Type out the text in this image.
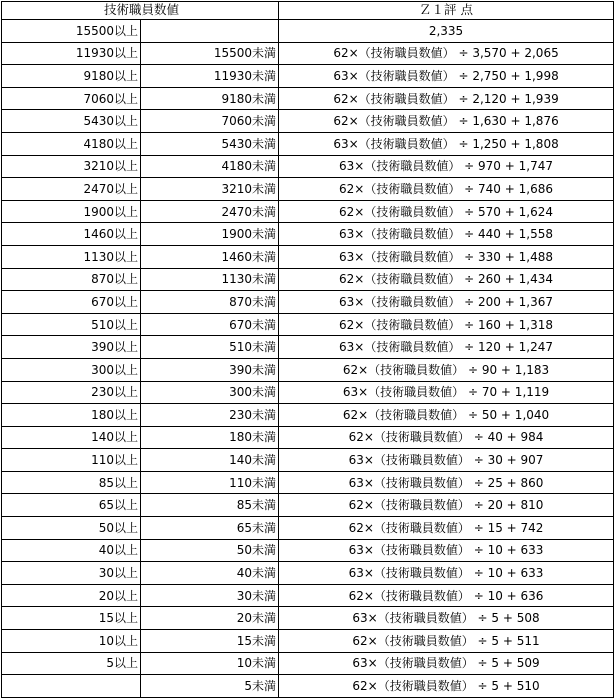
技術職員数値		Ｚ１評 点
15500以上		2,335
11930以上	15500未満	62×（技術職員数値） ÷ 3,570 + 2,065
9180以上	11930未満	63×（技術職員数値） ÷ 2,750 + 1,998
7060以上	9180未満	62×（技術職員数値） ÷ 2,120 + 1,939
5430以上	7060未満	62×（技術職員数値） ÷ 1,630 + 1,876
4180以上	5430未満	63×（技術職員数値） ÷ 1,250 + 1,808
3210以上	4180未満	63×（技術職員数値） ÷ 970 + 1,747
2470以上	3210未満	62×（技術職員数値） ÷ 740 + 1,686
1900以上	2470未満	62×（技術職員数値） ÷ 570 + 1,624
1460以上	1900未満	63×（技術職員数値） ÷ 440 + 1,558
1130以上	1460未満	63×（技術職員数値） ÷ 330 + 1,488
870以上	1130未満	62×（技術職員数値） ÷ 260 + 1,434
670以上	870未満	63×（技術職員数値） ÷ 200 + 1,367
510以上	670未満	62×（技術職員数値） ÷ 160 + 1,318
390以上	510未満	63×（技術職員数値） ÷ 120 + 1,247
300以上	390未満	62×（技術職員数値） ÷ 90 + 1,183
230以上	300未満	63×（技術職員数値） ÷ 70 + 1,119
180以上	230未満	62×（技術職員数値） ÷ 50 + 1,040
140以上	180未満	62×（技術職員数値） ÷ 40 + 984
110以上	140未満	63×（技術職員数値） ÷ 30 + 907
85以上	110未満	63×（技術職員数値） ÷ 25 + 860
65以上	85未満	62×（技術職員数値） ÷ 20 + 810
50以上	65未満	62×（技術職員数値） ÷ 15 + 742
40以上	50未満	63×（技術職員数値） ÷ 10 + 633
30以上	40未満	63×（技術職員数値） ÷ 10 + 633
20以上	30未満	62×（技術職員数値） ÷ 10 + 636
15以上	20未満	63×（技術職員数値） ÷ 5 + 508
10以上	15未満	62×（技術職員数値） ÷ 5 + 511
5以上	10未満	63×（技術職員数値） ÷ 5 + 509
	5未満	62×（技術職員数値） ÷ 5 + 510
